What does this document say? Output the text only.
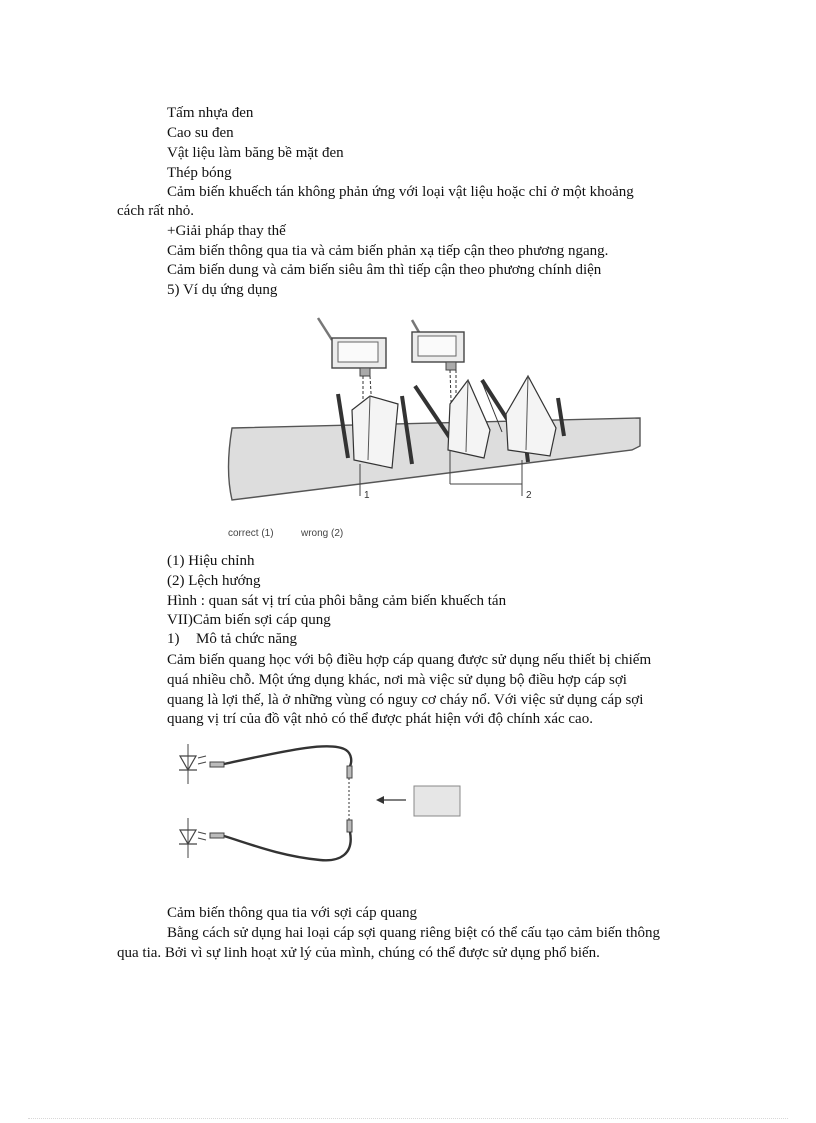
Tấm nhựa đen
Cao su đen
Vật liệu làm băng bề mặt đen
Thép bóng
Cảm biến khuếch tán không phản ứng với loại vật liệu hoặc chỉ ở một khoảng
cách rất nhỏ.
+Giải pháp thay thế
Cảm biến thông qua tia và cảm biến phản xạ tiếp cận theo phương ngang.
Cảm biến dung và cảm biến siêu âm thì tiếp cận theo phương chính diện
5) Ví dụ ứng dụng
1	2
correct (1)	wrong (2)
(1) Hiệu chỉnh
(2) Lệch hướng
Hình : quan sát vị trí của phôi bằng cảm biến khuếch tán
VII)Cảm biến sợi cáp qung
1) Mô tả chức năng
Cảm biến quang học với bộ điều hợp cáp quang được sử dụng nếu thiết bị chiếm
quá nhiều chỗ. Một ứng dụng khác, nơi mà việc sử dụng bộ điều hợp cáp sợi
quang là lợi thế, là ở những vùng có nguy cơ cháy nổ. Với việc sử dụng cáp sợi
quang vị trí của đồ vật nhỏ có thể được phát hiện với độ chính xác cao.
Cảm biến thông qua tia với sợi cáp quang
Bằng cách sử dụng hai loại cáp sợi quang riêng biệt có thể cấu tạo cảm biến thông
qua tia. Bởi vì sự linh hoạt xử lý của mình, chúng có thể được sử dụng phổ biến.
